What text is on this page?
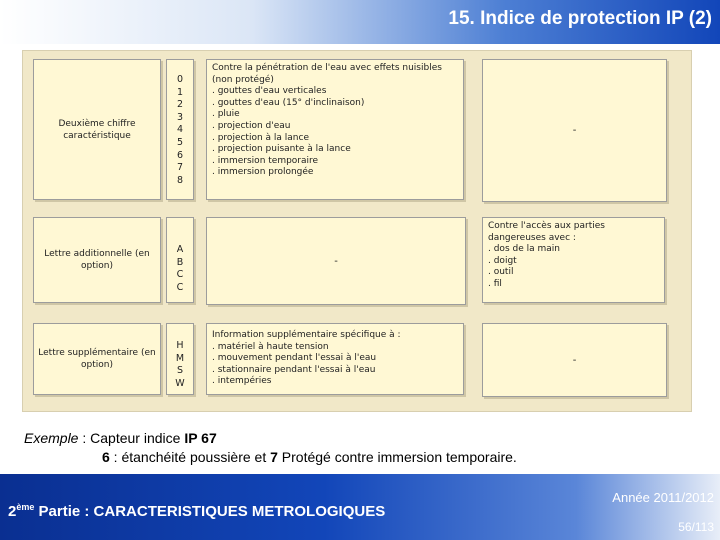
15. Indice de protection IP (2)
Deuxième chiffre caractéristique
0
1
2
3
4
5
6
7
8
Contre la pénétration de l'eau avec effets nuisibles
(non protégé)
. gouttes d'eau verticales
. gouttes d'eau (15° d'inclinaison)
. pluie
. projection d'eau
. projection à la lance
. projection puisante à la lance
. immersion temporaire
. immersion prolongée
-
Lettre additionnelle (en option)
A
B
C
C
-
Contre l'accès aux parties
dangereuses avec :
. dos de la main
. doigt
. outil
. fil
Lettre supplémentaire (en option)
H
M
S
W
Information supplémentaire spécifique à :
. matériel à haute tension
. mouvement pendant l'essai à l'eau
. stationnaire pendant l'essai à l'eau
. intempéries
-
Exemple : Capteur indice IP 67
6 : étanchéité poussière et 7 Protégé contre immersion temporaire.
2ème Partie : CARACTERISTIQUES METROLOGIQUES
Année 2011/2012
56/113
